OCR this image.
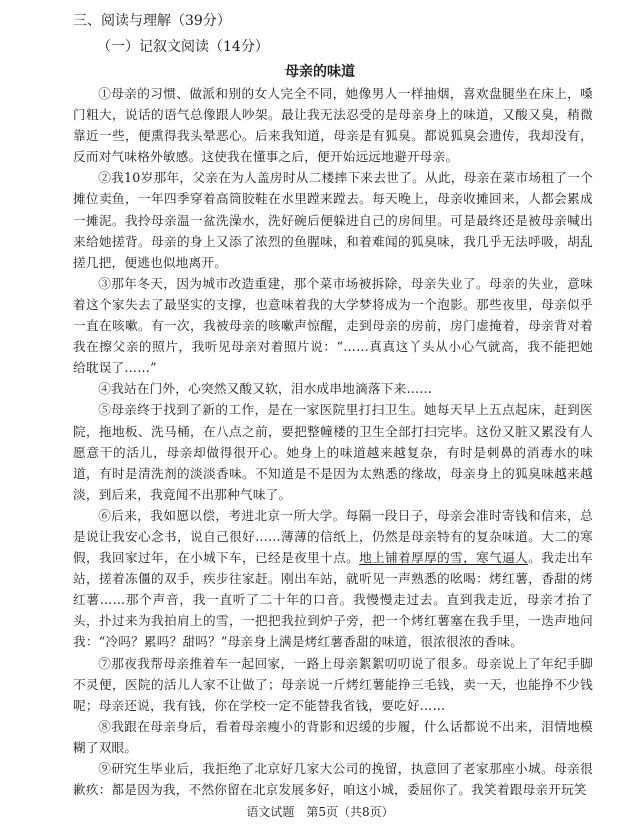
三、阅读与理解（39分）
（一）记叙文阅读（14分）
母亲的味道

①母亲的习惯、做派和别的女人完全不同，她像男人一样抽烟，喜欢盘腿坐在床上，嗓门粗大，说话的语气总像跟人吵架。最让我无法忍受的是母亲身上的味道，又酸又臭，稍微靠近一些，便熏得我头晕恶心。后来我知道，母亲是有狐臭。都说狐臭会遗传，我却没有，反而对气味格外敏感。这使我在懂事之后，便开始远远地避开母亲。

②我10岁那年，父亲在为人盖房时从二楼摔下来去世了。从此，母亲在菜市场租了一个摊位卖鱼，一年四季穿着高筒胶鞋在水里蹚来蹚去。每天晚上，母亲收摊回来，人都会累成一摊泥。我拎母亲温一盆洗澡水，洗好碗后便躲进自己的房间里。可是最终还是被母亲喊出来给她搓背。母亲的身上又添了浓烈的鱼腥味，和着难闻的狐臭味，我几乎无法呼吸，胡乱搓几把，便逃也似地离开。

③那年冬天，因为城市改造重建，那个菜市场被拆除，母亲失业了。母亲的失业，意味着这个家失去了最坚实的支撑，也意味着我的大学梦将成为一个泡影。那些夜里，母亲似乎一直在咳嗽。有一次，我被母亲的咳嗽声惊醒，走到母亲的房前，房门虚掩着，母亲背对着我在擦父亲的照片，我听见母亲对着照片说：“……真真这丫头从小心气就高，我不能把她给耽误了……”

④我站在门外，心突然又酸又软，泪水成串地滴落下来……

⑤母亲终于找到了新的工作，是在一家医院里打扫卫生。她每天早上五点起床，赶到医院，拖地板、洗马桶，在八点之前，要把整幢楼的卫生全部打扫完毕。这份又脏又累没有人愿意干的活儿，母亲却做得很开心。她身上的味道越来越复杂，有时是刺鼻的消毒水的味道，有时是清洗剂的淡淡香味。不知道是不是因为太熟悉的缘故，母亲身上的狐臭味越来越淡，到后来，我竟闻不出那种气味了。

⑥后来，我如愿以偿，考进北京一所大学。每隔一段日子，母亲会准时寄钱和信来，总是说让我安心念书，说自己很好……薄薄的信纸上，仍然是母亲特有的复杂味道。大二的寒假，我回家过年，在小城下车，已经是夜里十点。地上铺着厚厚的雪，寒气逼人。我走出车站，搓着冻僵的双手，疾步往家赶。刚出车站，就听见一声熟悉的吆喝：烤红薯，香甜的烤红薯……那个声音，我一直听了二十年的口音。我慢慢走过去。直到我走近，母亲才抬了头，扑过来为我拍肩上的雪，一把把我拉到炉子旁，把一个烤红薯塞在我手里，一迭声地问我：“冷吗？累吗？甜吗？”母亲身上满是烤红薯香甜的味道，很浓很浓的香味。

⑦那夜我帮母亲推着车一起回家，一路上母亲絮絮叨叨说了很多。母亲说上了年纪手脚不灵便，医院的活儿人家不让做了；母亲说一斤烤红薯能挣三毛钱，卖一天，也能挣不少钱呢；母亲还说，我有钱，你在学校一定不能替我省钱，要吃好……

⑧我跟在母亲身后，看着母亲瘦小的背影和迟缓的步履，什么话都说不出来，泪情地模糊了双眼。

⑨研究生毕业后，我拒绝了北京好几家大公司的挽留，执意回了老家那座小城。母亲很歉疚：都是因为我，不然你留在北京发展多好，咱这小城，委屈你了。我笑着跟母亲开玩笑

语文试题　第5页（共8页）
